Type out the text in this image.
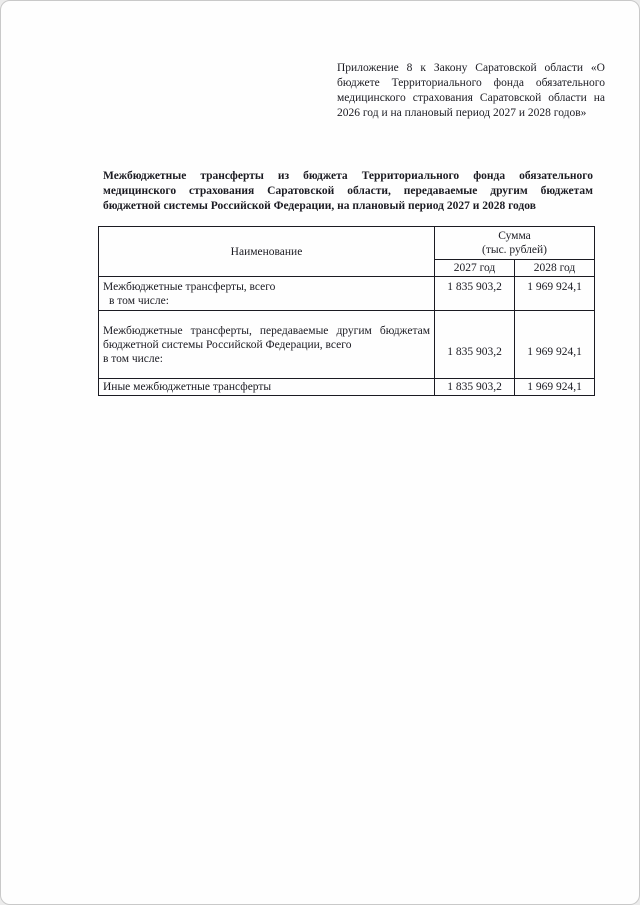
Приложение 8 к Закону Саратовской области «О бюджете Территориального фонда обязательного медицинского страхования Саратовской области на 2026 год и на плановый период 2027 и 2028 годов»
Межбюджетные трансферты из бюджета Территориального фонда обязательного медицинского страхования Саратовской области, передаваемые другим бюджетам бюджетной системы Российской Федерации, на плановый период 2027 и 2028 годов
Наименование	Сумма
(тыс. рублей)	

	2027 год	2028 год

Межбюджетные трансферты, всего
в том числе:	1 835 903,2	1 969 924,1

Межбюджетные трансферты, передаваемые другим бюджетам бюджетной системы Российской Федерации, всего
в том числе:	1 835 903,2	1 969 924,1

Иные межбюджетные трансферты	1 835 903,2	1 969 924,1
